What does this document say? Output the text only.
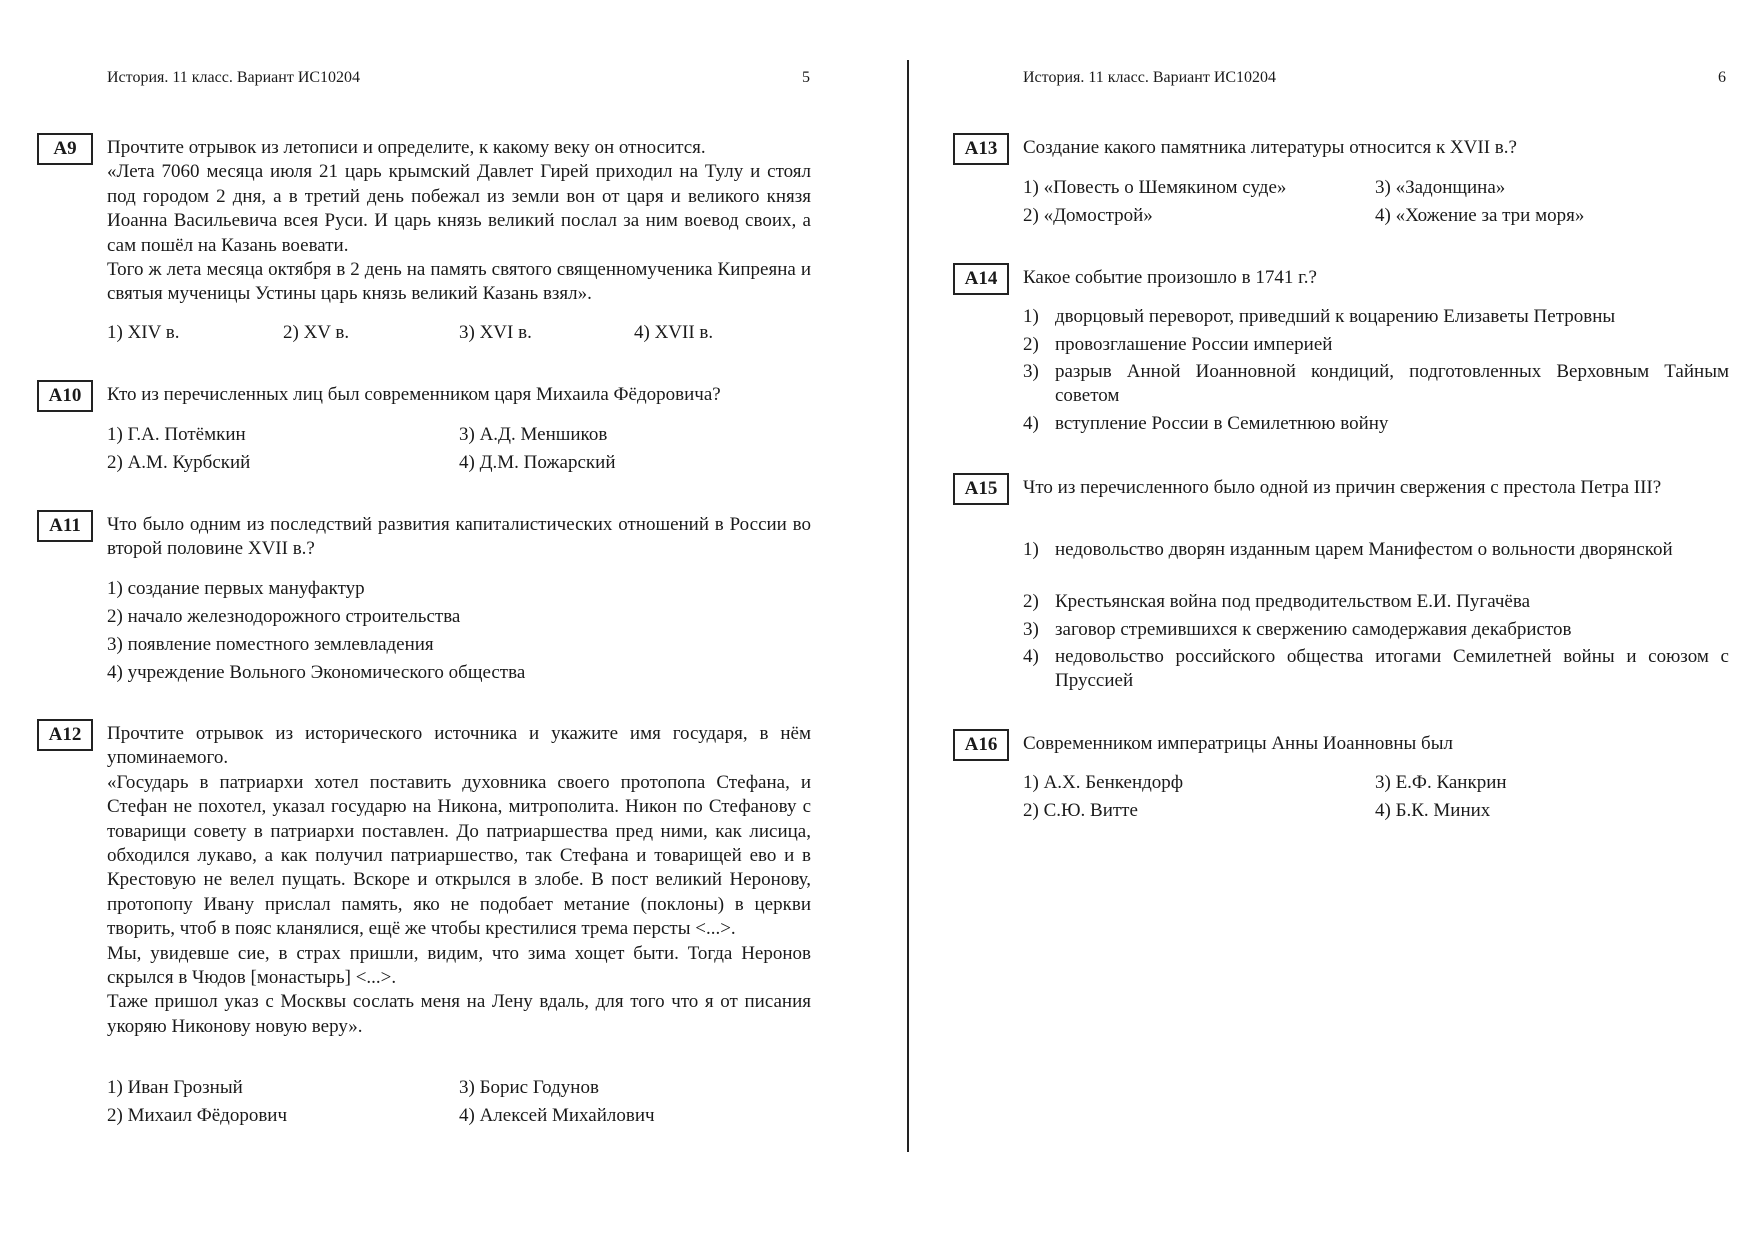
История. 11 класс. Вариант ИС10204	5	История. 11 класс. Вариант ИС10204	6
A9	Прочтите отрывок из летописи и определите, к какому веку он относится.

«Лета 7060 месяца июля 21 царь крымский Давлет Гирей приходил на Тулу и стоял под городом 2 дня, а в третий день побежал из земли вон от царя и великого князя Иоанна Васильевича всея Руси. И царь князь великий послал за ним воевод своих, а сам пошёл на Казань воевати.

Того ж лета месяца октября в 2 день на память святого священномученика Кипреяна и святыя мученицы Устины царь князь великий Казань взял».

1) XIV в.	2) XV в.	3) XVI в.	4) XVII в.
A10	Кто из перечисленных лиц был современником царя Михаила Фёдоровича?

1) Г.А. Потёмкин
2) А.М. Курбский
3) А.Д. Меншиков
4) Д.М. Пожарский
A11	Что было одним из последствий развития капиталистических отношений в России во второй половине XVII в.?

1) создание первых мануфактур
2) начало железнодорожного строительства
3) появление поместного землевладения
4) учреждение Вольного Экономического общества
A12	Прочтите отрывок из исторического источника и укажите имя государя, в нём упоминаемого.

«Государь в патриархи хотел поставить духовника своего протопопа Стефана, и Стефан не похотел, указал государю на Никона, митрополита. Никон по Стефанову с товарищи совету в патриархи поставлен. До патриаршества пред ними, как лисица, обходился лукаво, а как получил патриаршество, так Стефана и товарищей ево и в Крестовую не велел пущать. Вскоре и открылся в злобе. В пост великий Неронову, протопопу Ивану прислал память, яко не подобает метание (поклоны) в церкви творить, чтоб в пояс кланялися, ещё же чтобы крестилися трема персты <...>.

Мы, увидевше сие, в страх пришли, видим, что зима хощет быти. Тогда Неронов скрылся в Чюдов [монастырь] <...>.

Таже пришол указ с Москвы сослать меня на Лену вдаль, для того что я от писания укоряю Никонову новую веру».

1) Иван Грозный
2) Михаил Фёдорович
3) Борис Годунов
4) Алексей Михайлович
A13	Создание какого памятника литературы относится к XVII в.?

1) «Повесть о Шемякином суде»
2) «Домострой»
3) «Задонщина»
4) «Хожение за три моря»
A14	Какое событие произошло в 1741 г.?

1) дворцовый переворот, приведший к воцарению Елизаветы Петровны
2) провозглашение России империей
3) разрыв Анной Иоанновной кондиций, подготовленных Верховным Тайным советом
4) вступление России в Семилетнюю войну
A15	Что из перечисленного было одной из причин свержения с престола Петра III?

1) недовольство дворян изданным царем Манифестом о вольности дворянской
2) Крестьянская война под предводительством Е.И. Пугачёва
3) заговор стремившихся к свержению самодержавия декабристов
4) недовольство российского общества итогами Семилетней войны и союзом с Пруссией
A16	Современником императрицы Анны Иоанновны был

1) А.Х. Бенкендорф
2) С.Ю. Витте
3) Е.Ф. Канкрин
4) Б.К. Миних
